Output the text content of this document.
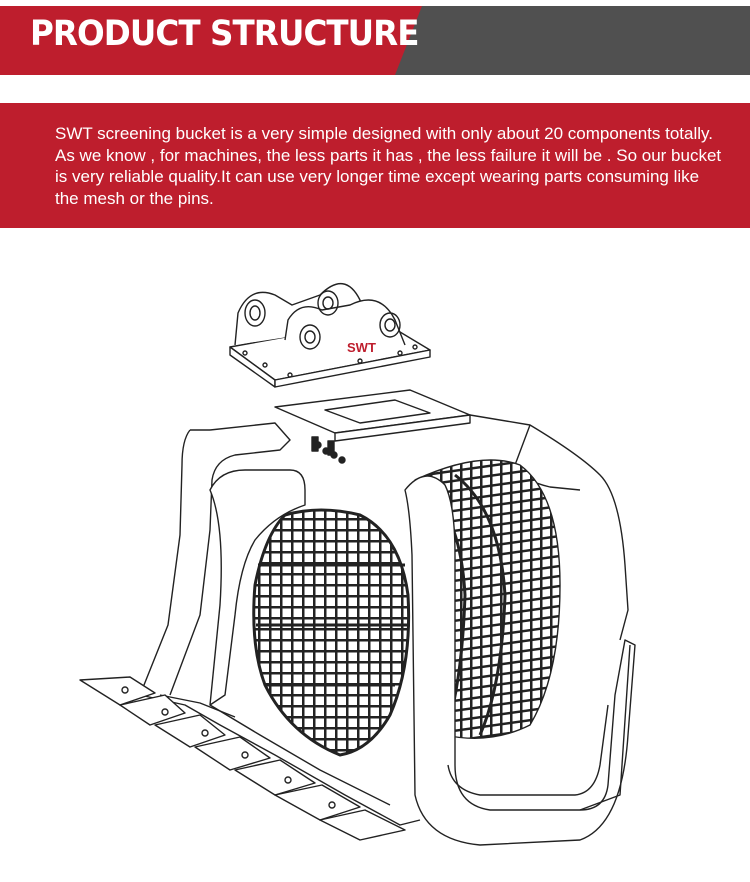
PRODUCT STRUCTURE
SWT screening bucket is a very simple designed with only about 20 components totally. As we know , for machines, the less parts it has , the less failure it will be . So our bucket is very reliable quality.It can use very longer time except wearing parts consuming like the mesh or the pins.
SWT
